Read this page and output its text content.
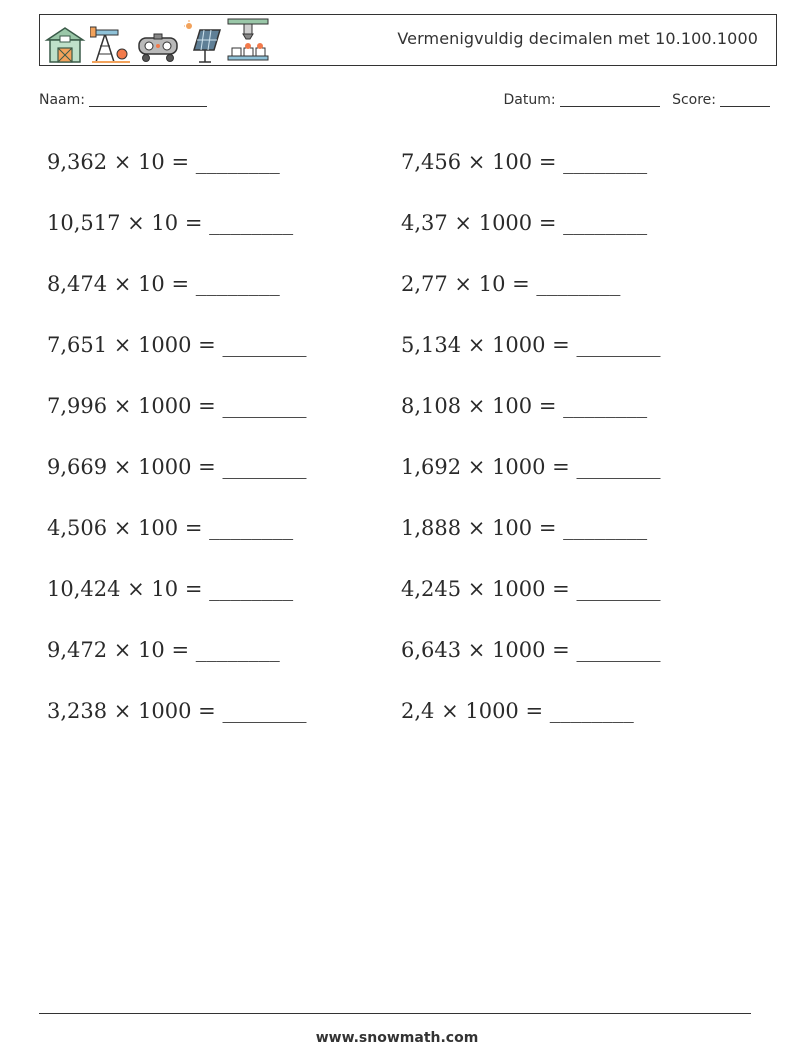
Vermenigvuldig decimalen met 10.100.1000
Naam:	Datum:	Score:
9,362 × 10 = ________
10,517 × 10 = ________
8,474 × 10 = ________
7,651 × 1000 = ________
7,996 × 1000 = ________
9,669 × 1000 = ________
4,506 × 100 = ________
10,424 × 10 = ________
9,472 × 10 = ________
3,238 × 1000 = ________
7,456 × 100 = ________
4,37 × 1000 = ________
2,77 × 10 = ________
5,134 × 1000 = ________
8,108 × 100 = ________
1,692 × 1000 = ________
1,888 × 100 = ________
4,245 × 1000 = ________
6,643 × 1000 = ________
2,4 × 1000 = ________
www.snowmath.com
